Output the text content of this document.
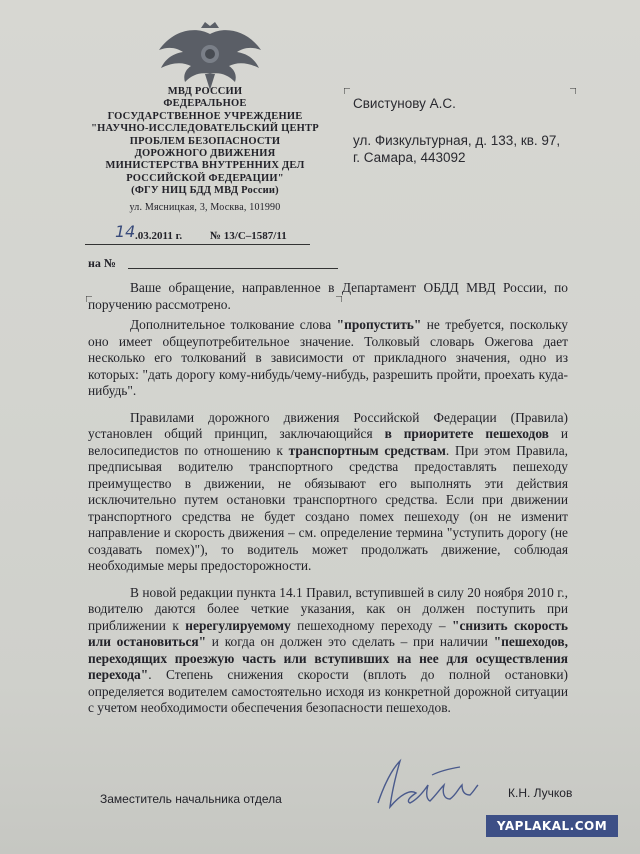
МВД РОССИИ
ФЕДЕРАЛЬНОЕ
ГОСУДАРСТВЕННОЕ УЧРЕЖДЕНИЕ
"НАУЧНО-ИССЛЕДОВАТЕЛЬСКИЙ ЦЕНТР
ПРОБЛЕМ БЕЗОПАСНОСТИ
ДОРОЖНОГО ДВИЖЕНИЯ
МИНИСТЕРСТВА ВНУТРЕННИХ ДЕЛ
РОССИЙСКОЙ ФЕДЕРАЦИИ"
(ФГУ НИЦ БДД МВД России)
ул. Мясницкая, 3, Москва, 101990
14 .03.2011 г.	№ 13/С–1587/11
на №
Свистунову А.С.
ул. Физкультурная, д. 133, кв. 97,
г. Самара, 443092

Ваше обращение, направленное в Департамент ОБДД МВД России, по поручению рассмотрено.

Дополнительное толкование слова "пропустить" не требуется, поскольку оно имеет общеупотребительное значение. Толковый словарь Ожегова дает несколько его толкований в зависимости от прикладного значения, одно из которых: "дать дорогу кому-нибудь/чему-нибудь, разрешить пройти, проехать куда-нибудь".

Правилами дорожного движения Российской Федерации (Правила) установлен общий принцип, заключающийся в приоритете пешеходов и велосипедистов по отношению к транспортным средствам. При этом Правила, предписывая водителю транспортного средства предоставлять пешеходу преимущество в движении, не обязывают его выполнять эти действия исключительно путем остановки транспортного средства. Если при движении транспортного средства не будет создано помех пешеходу (он не изменит направление и скорость движения – см. определение термина "уступить дорогу (не создавать помех)"), то водитель может продолжать движение, соблюдая необходимые меры предосторожности.

В новой редакции пункта 14.1 Правил, вступившей в силу 20 ноября 2010 г., водителю даются более четкие указания, как он должен поступить при приближении к нерегулируемому пешеходному переходу – "снизить скорость или остановиться" и когда он должен это сделать – при наличии "пешеходов, переходящих проезжую часть или вступивших на нее для осуществления перехода". Степень снижения скорости (вплоть до полной остановки) определяется водителем самостоятельно исходя из конкретной дорожной ситуации с учетом необходимости обеспечения безопасности пешеходов.

Заместитель начальника отдела	К.Н. Лучков
YAPLAKAL.COM
